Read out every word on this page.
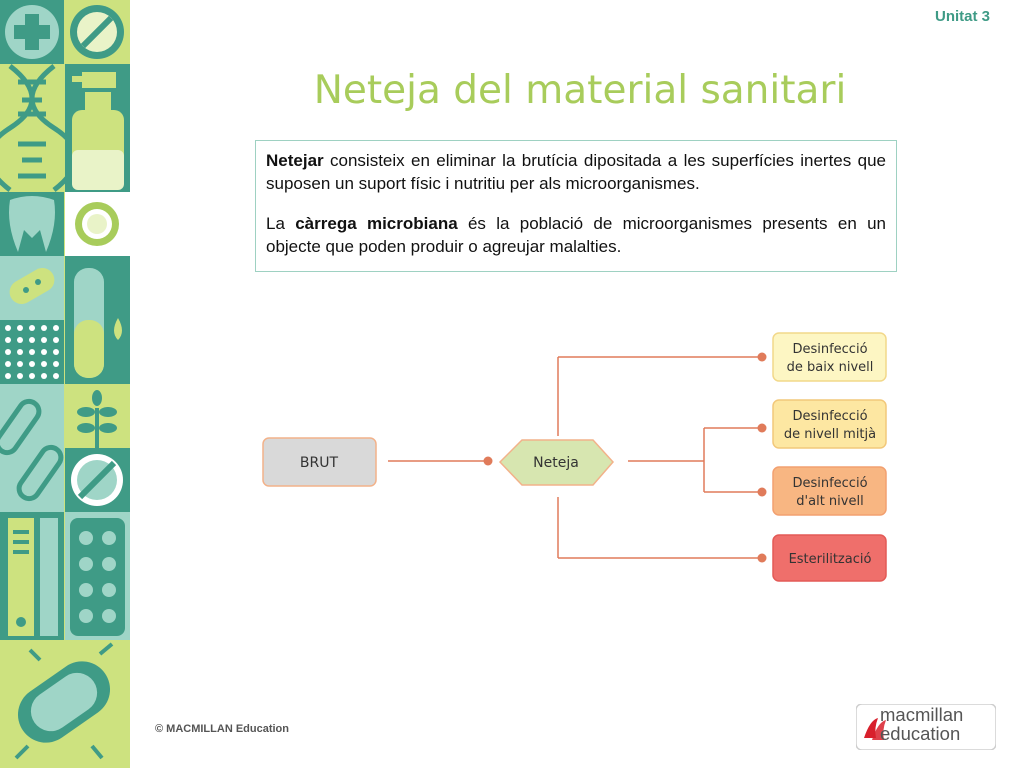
Unitat 3
Neteja del material sanitari

Netejar consisteix en eliminar la brutícia dipositada a les superfícies inertes que suposen un suport físic i nutritiu per als microorganismes.

La càrrega microbiana és la població de microorganismes presents en un objecte que poden produir o agreujar malalties.

BRUT	Neteja
Desinfecció
de baix nivell
Desinfecció
de nivell mitjà
Desinfecció
d'alt nivell
Esterilització
© MACMILLAN Education
macmillan
education
